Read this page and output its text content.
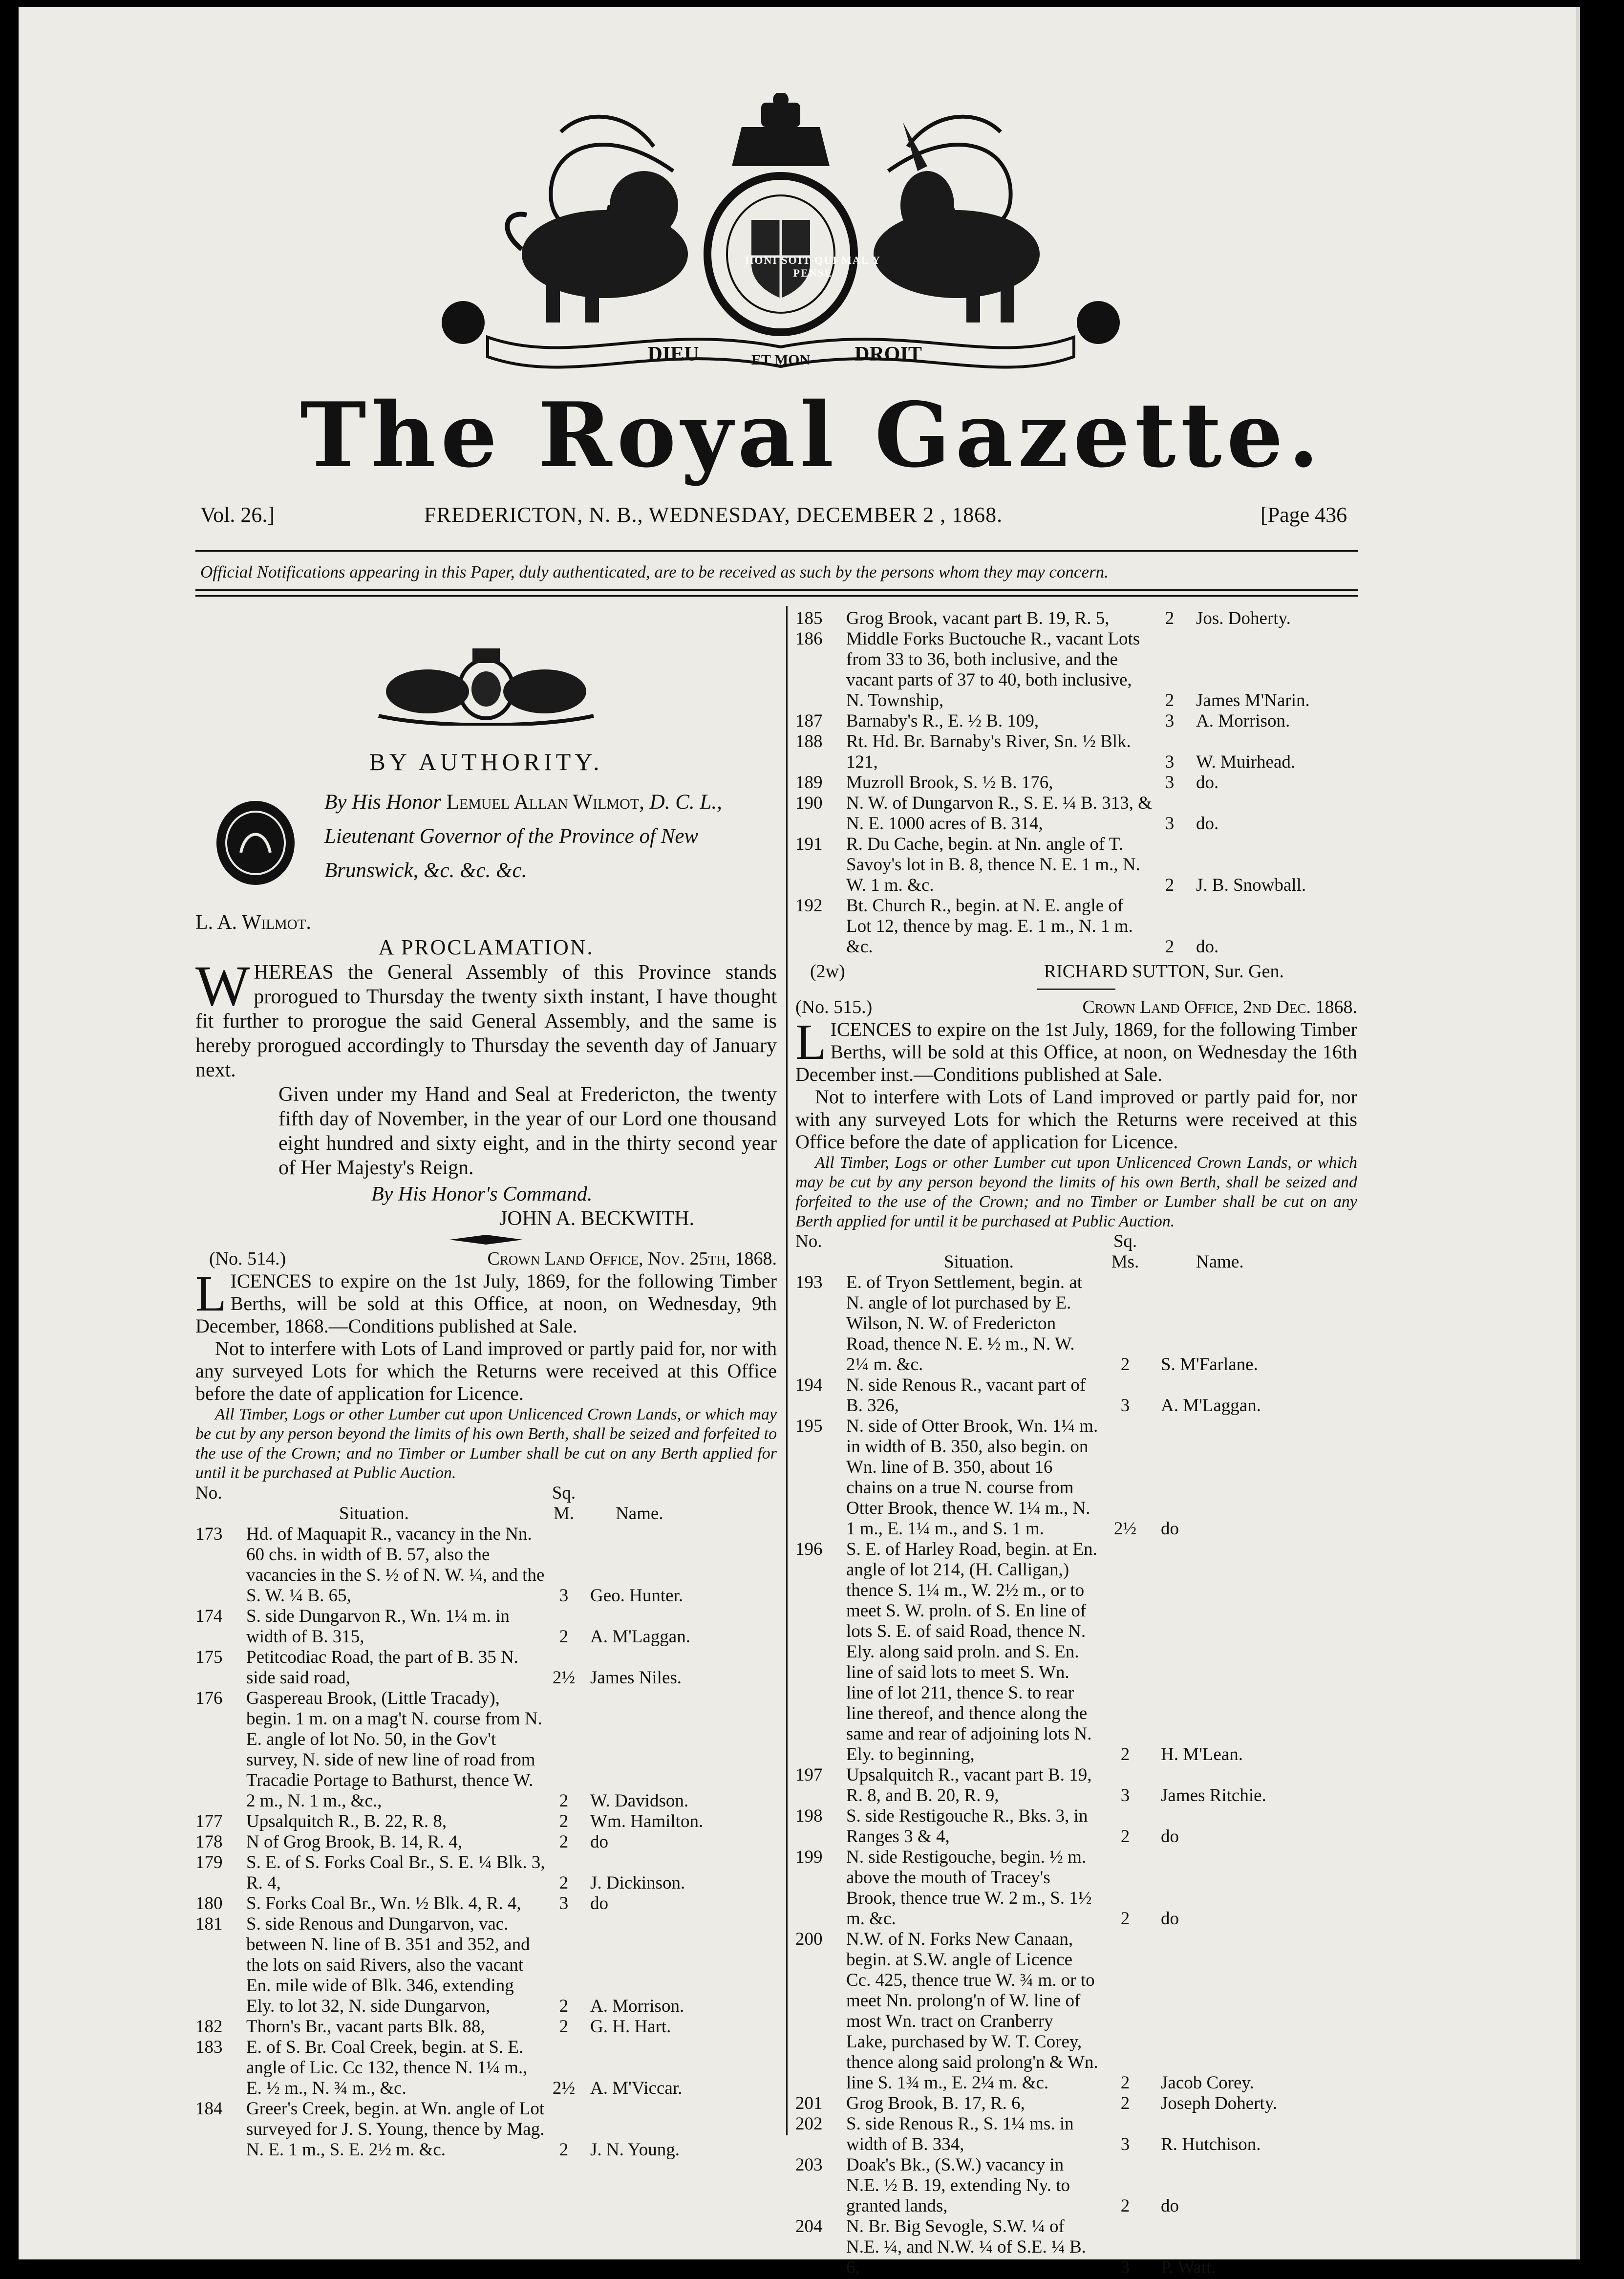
DIEU	ET MON DROIT
HONI SOIT QUI MAL Y PENSE
DIEU ET MON DROIT
The Royal Gazette.
Vol. 26.]	FREDERICTON, N. B., WEDNESDAY, DECEMBER 2 , 1868.	[Page 436
Official Notifications appearing in this Paper, duly authenticated, are to be received as such by the persons whom they may concern.
BY AUTHORITY.
By His Honor Lemuel Allan Wilmot, D. C. L., Lieutenant Governor of the Province of New Brunswick, &c. &c. &c.
L. A. Wilmot.
A PROCLAMATION.
WHEREAS the General Assembly of this Province stands prorogued to Thursday the twenty sixth instant, I have thought fit further to prorogue the said General Assembly, and the same is hereby prorogued accordingly to Thursday the seventh day of January next.
Given under my Hand and Seal at Fredericton, the twenty fifth day of November, in the year of our Lord one thousand eight hundred and sixty eight, and in the thirty second year of Her Majesty's Reign.
By His Honor's Command.
JOHN A. BECKWITH.
(No. 514.)	Crown Land Office, Nov. 25th, 1868.
LICENCES to expire on the 1st July, 1869, for the following Timber Berths, will be sold at this Office, at noon, on Wednesday, 9th December, 1868.—Conditions published at Sale.
Not to interfere with Lots of Land improved or partly paid for, nor with any surveyed Lots for which the Returns were received at this Office before the date of application for Licence.
All Timber, Logs or other Lumber cut upon Unlicenced Crown Lands, or which may be cut by any person beyond the limits of his own Berth, shall be seized and forfeited to the use of the Crown; and no Timber or Lumber shall be cut on any Berth applied for until it be purchased at Public Auction.
No.	Situation.	Sq. M.	Name.
173	Hd. of Maquapit R., vacancy in the Nn. 60 chs. in width of B. 57, also the vacancies in the S. ½ of N. W. ¼, and the S. W. ¼ B. 65,	3	Geo. Hunter.
174	S. side Dungarvon R., Wn. 1¼ m. in width of B. 315,	2	A. M'Laggan.
175	Petitcodiac Road, the part of B. 35 N. side said road,	2½	James Niles.
176	Gaspereau Brook, (Little Tracady), begin. 1 m. on a mag't N. course from N. E. angle of lot No. 50, in the Gov't survey, N. side of new line of road from Tracadie Portage to Bathurst, thence W. 2 m., N. 1 m., &c.,	2	W. Davidson.
177	Upsalquitch R., B. 22, R. 8,	2	Wm. Hamilton.
178	N of Grog Brook, B. 14, R. 4,	2	do
179	S. E. of S. Forks Coal Br., S. E. ¼ Blk. 3, R. 4,	2	J. Dickinson.
180	S. Forks Coal Br., Wn. ½ Blk. 4, R. 4,	3	do
181	S. side Renous and Dungarvon, vac. between N. line of B. 351 and 352, and the lots on said Rivers, also the vacant En. mile wide of Blk. 346, extending Ely. to lot 32, N. side Dungarvon,	2	A. Morrison.
182	Thorn's Br., vacant parts Blk. 88,	2	G. H. Hart.
183	E. of S. Br. Coal Creek, begin. at S. E. angle of Lic. Cc 132, thence N. 1¼ m., E. ½ m., N. ¾ m., &c.	2½	A. M'Viccar.
184	Greer's Creek, begin. at Wn. angle of Lot surveyed for J. S. Young, thence by Mag. N. E. 1 m., S. E. 2½ m. &c.	2	J. N. Young.
185	Grog Brook, vacant part B. 19, R. 5,	2	Jos. Doherty.
186	Middle Forks Buctouche R., vacant Lots from 33 to 36, both inclusive, and the vacant parts of 37 to 40, both inclusive, N. Township,	2	James M'Narin.
187	Barnaby's R., E. ½ B. 109,	3	A. Morrison.
188	Rt. Hd. Br. Barnaby's River, Sn. ½ Blk. 121,	3	W. Muirhead.
189	Muzroll Brook, S. ½ B. 176,	3	do.
190	N. W. of Dungarvon R., S. E. ¼ B. 313, & N. E. 1000 acres of B. 314,	3	do.
191	R. Du Cache, begin. at Nn. angle of T. Savoy's lot in B. 8, thence N. E. 1 m., N. W. 1 m. &c.	2	J. B. Snowball.
192	Bt. Church R., begin. at N. E. angle of Lot 12, thence by mag. E. 1 m., N. 1 m. &c.	2	do.
(2w)	RICHARD SUTTON, Sur. Gen.
(No. 515.)	Crown Land Office, 2nd Dec. 1868.
LICENCES to expire on the 1st July, 1869, for the following Timber Berths, will be sold at this Office, at noon, on Wednesday the 16th December inst.—Conditions published at Sale.
Not to interfere with Lots of Land improved or partly paid for, nor with any surveyed Lots for which the Returns were received at this Office before the date of application for Licence.
All Timber, Logs or other Lumber cut upon Unlicenced Crown Lands, or which may be cut by any person beyond the limits of his own Berth, shall be seized and forfeited to the use of the Crown; and no Timber or Lumber shall be cut on any Berth applied for until it be purchased at Public Auction.
No.	Situation.	Sq. Ms.	Name.
193	E. of Tryon Settlement, begin. at N. angle of lot purchased by E. Wilson, N. W. of Fredericton Road, thence N. E. ½ m., N. W. 2¼ m. &c.	2	S. M'Farlane.
194	N. side Renous R., vacant part of B. 326,	3	A. M'Laggan.
195	N. side of Otter Brook, Wn. 1¼ m. in width of B. 350, also begin. on Wn. line of B. 350, about 16 chains on a true N. course from Otter Brook, thence W. 1¼ m., N. 1 m., E. 1¼ m., and S. 1 m.	2½	do
196	S. E. of Harley Road, begin. at En. angle of lot 214, (H. Calligan,) thence S. 1¼ m., W. 2½ m., or to meet S. W. proln. of S. En line of lots S. E. of said Road, thence N. Ely. along said proln. and S. En. line of said lots to meet S. Wn. line of lot 211, thence S. to rear line thereof, and thence along the same and rear of adjoining lots N. Ely. to beginning,	2	H. M'Lean.
197	Upsalquitch R., vacant part B. 19, R. 8, and B. 20, R. 9,	3	James Ritchie.
198	S. side Restigouche R., Bks. 3, in Ranges 3 & 4,	2	do
199	N. side Restigouche, begin. ½ m. above the mouth of Tracey's Brook, thence true W. 2 m., S. 1½ m. &c.	2	do
200	N.W. of N. Forks New Canaan, begin. at S.W. angle of Licence Cc. 425, thence true W. ¾ m. or to meet Nn. prolong'n of W. line of most Wn. tract on Cranberry Lake, purchased by W. T. Corey, thence along said prolong'n & Wn. line S. 1¾ m., E. 2¼ m. &c.	2	Jacob Corey.
201	Grog Brook, B. 17, R. 6,	2	Joseph Doherty.
202	S. side Renous R., S. 1¼ ms. in width of B. 334,	3	R. Hutchison.
203	Doak's Bk., (S.W.) vacancy in N.E. ½ B. 19, extending Ny. to granted lands,	2	do
204	N. Br. Big Sevogle, S.W. ¼ of N.E. ¼, and N.W. ¼ of S.E. ¼ B. 6,	3	P. Watt.
